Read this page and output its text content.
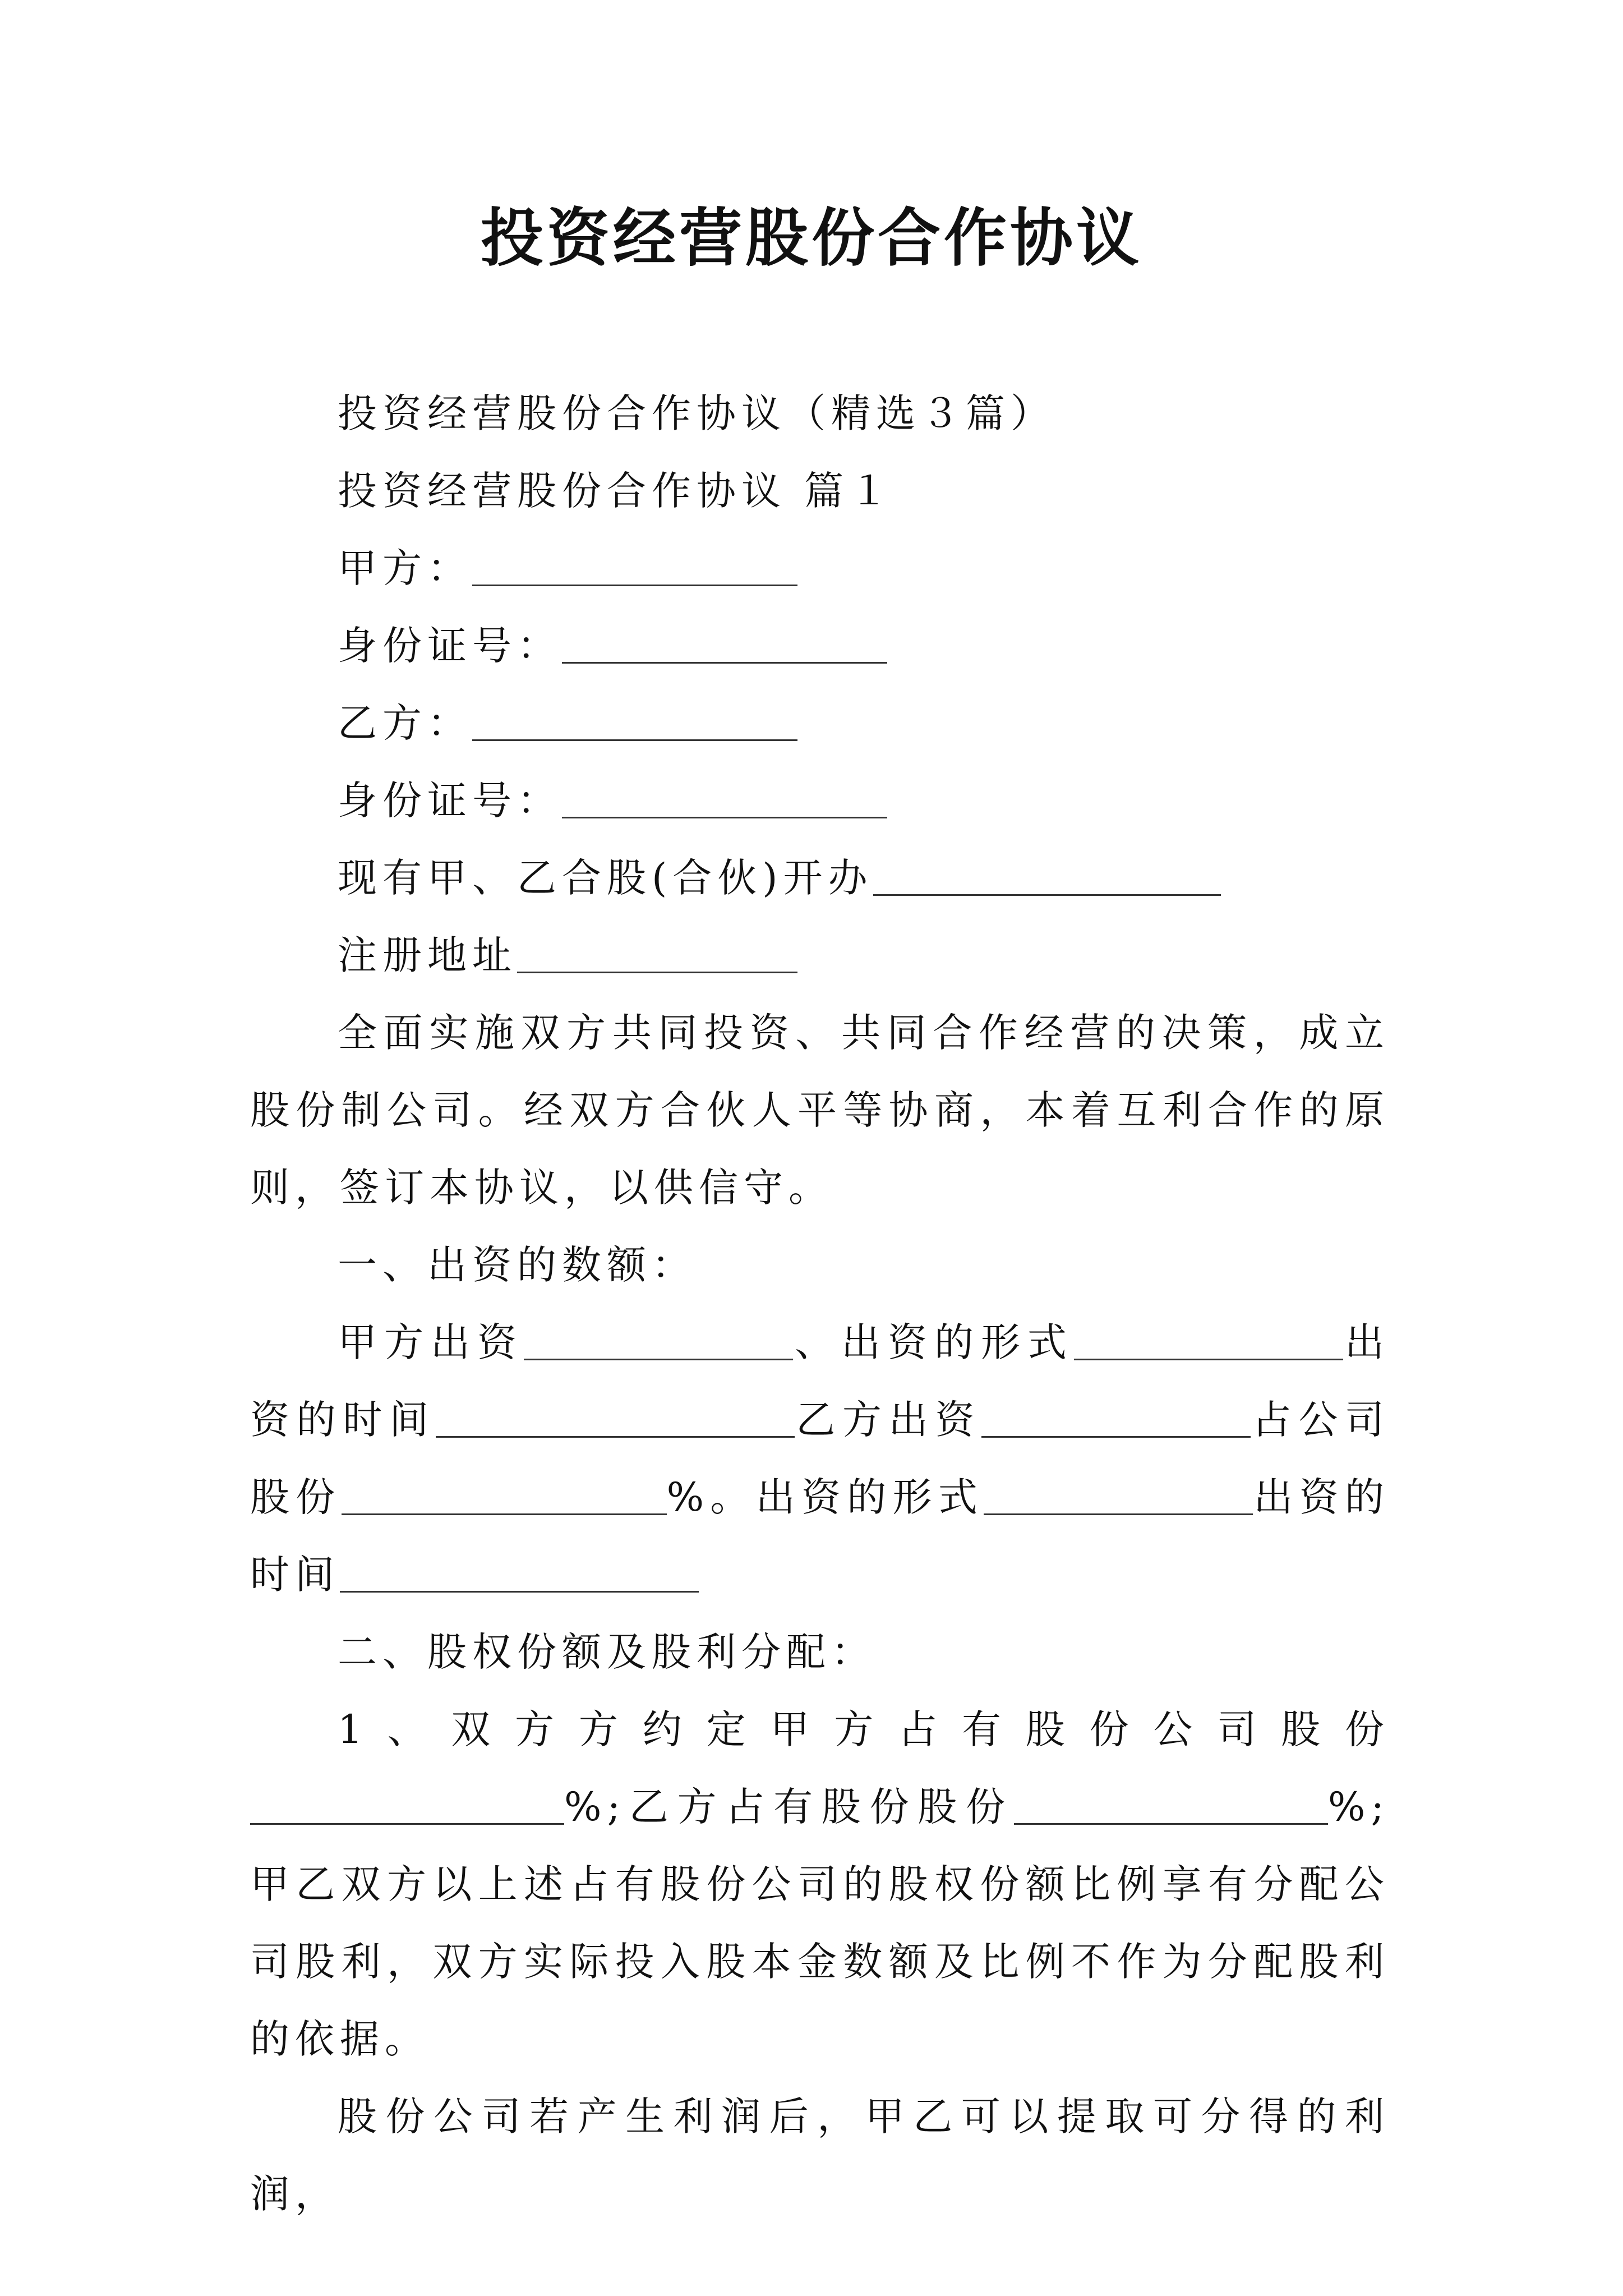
投资经营股份合作协议

投资经营股份合作协议（精选３篇）

投资经营股份合作协议 篇１

甲方：

身份证号：

乙方：

身份证号：

现有甲、乙合股(合伙)开办

注册地址

全面实施双方共同投资、共同合作经营的决策，成立股份制公司。经双方合伙人平等协商，本着互利合作的原则，签订本协议，以供信守。

一、出资的数额：

甲方出资	、出资的形式	出资的时间	乙方出资	占公司股份	%。出资的形式	出资的时间

二、股权份额及股利分配：

1、双方方约定甲方占有股份公司股份%;乙方占有股份股份	%;甲乙双方以上述占有股份公司的股权份额比例享有分配公司股利，双方实际投入股本金数额及比例不作为分配股利的依据。

股份公司若产生利润后，甲乙可以提取可分得的利润，
